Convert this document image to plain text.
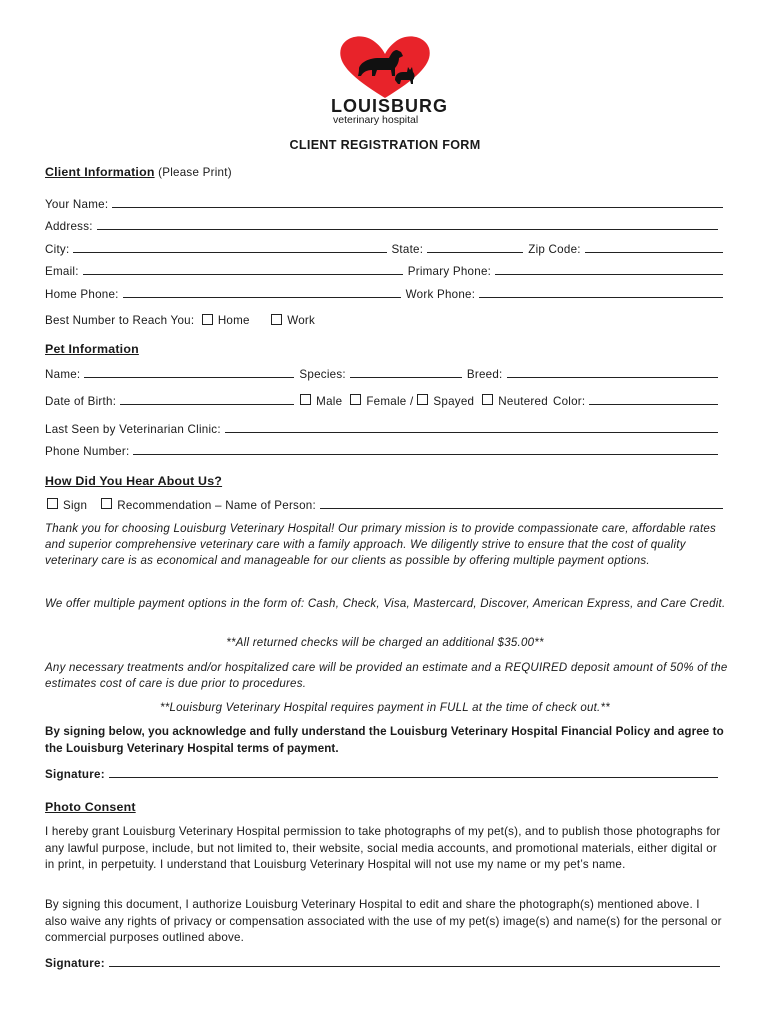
LOUISBURG
veterinary hospital
CLIENT REGISTRATION FORM
Client Information (Please Print)
Your Name:
Address:
City:	State:	Zip Code:
Email:	Primary Phone:
Home Phone:	Work Phone:
Best Number to Reach You: Home	Work
Pet Information
Name:	Species:	Breed:
Date of Birth:	Male Female / Spayed Neutered Color:
Last Seen by Veterinarian Clinic:
Phone Number:
How Did You Hear About Us?
Sign	Recommendation – Name of Person:
Thank you for choosing Louisburg Veterinary Hospital! Our primary mission is to provide compassionate care, affordable rates and superior comprehensive veterinary care with a family approach. We diligently strive to ensure that the cost of quality veterinary care is as economical and manageable for our clients as possible by offering multiple payment options.
We offer multiple payment options in the form of: Cash, Check, Visa, Mastercard, Discover, American Express, and Care Credit.
**All returned checks will be charged an additional $35.00**
Any necessary treatments and/or hospitalized care will be provided an estimate and a REQUIRED deposit amount of 50% of the estimates cost of care is due prior to procedures.
**Louisburg Veterinary Hospital requires payment in FULL at the time of check out.**
By signing below, you acknowledge and fully understand the Louisburg Veterinary Hospital Financial Policy and agree to the Louisburg Veterinary Hospital terms of payment.
Signature:
Photo Consent
I hereby grant Louisburg Veterinary Hospital permission to take photographs of my pet(s), and to publish those photographs for any lawful purpose, include, but not limited to, their website, social media accounts, and promotional materials, either digital or in print, in perpetuity. I understand that Louisburg Veterinary Hospital will not use my name or my pet’s name.
By signing this document, I authorize Louisburg Veterinary Hospital to edit and share the photograph(s) mentioned above. I also waive any rights of privacy or compensation associated with the use of my pet(s) image(s) and name(s) for the personal or commercial purposes outlined above.
Signature:
